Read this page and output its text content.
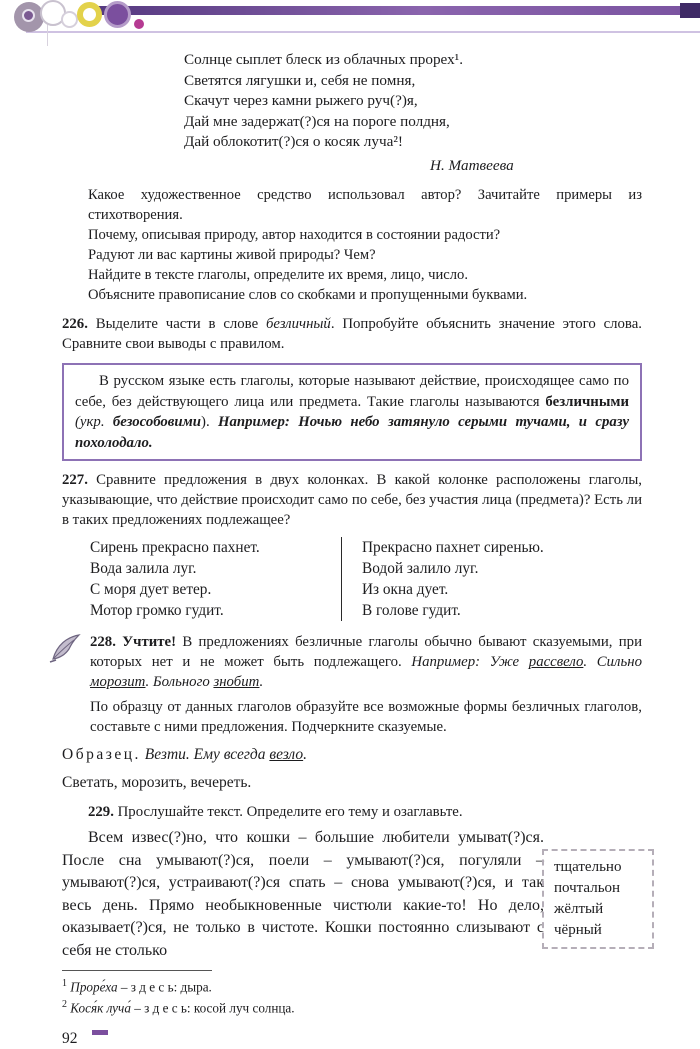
Солнце сыплет блеск из облачных прорех¹.
Светятся лягушки и, себя не помня,
Скачут через камни рыжего руч(?)я,
Дай мне задержат(?)ся на пороге полдня,
Дай облокотит(?)ся о косяк луча²!
Н. Матвеева

Какое художественное средство использовал автор? Зачитайте примеры из стихотворения.

Почему, описывая природу, автор находится в состоянии радости?

Радуют ли вас картины живой природы? Чем?

Найдите в тексте глаголы, определите их время, лицо, число.

Объясните правописание слов со скобками и пропущенными буквами.

226. Выделите части в слове безличный. Попробуйте объяснить значение этого слова. Сравните свои выводы с правилом.

В русском языке есть глаголы, которые называют действие, происходящее само по себе, без действующего лица или предмета. Такие глаголы называются безличными (укр. безособовими). Например: Ночью небо затянуло серыми тучами, и сразу похолодало.

227. Сравните предложения в двух колонках. В какой колонке расположены глаголы, указывающие, что действие происходит само по себе, без участия лица (предмета)? Есть ли в таких предложениях подлежащее?

Сирень прекрасно пахнет.
Вода залила луг.
С моря дует ветер.
Мотор громко гудит.
Прекрасно пахнет сиренью.
Водой залило луг.
Из окна дует.
В голове гудит.

228. Учтите! В предложениях безличные глаголы обычно бывают сказуемыми, при которых нет и не может быть подлежащего. Например: Уже рассвело. Сильно морозит. Больного знобит.

По образцу от данных глаголов образуйте все возможные формы безличных глаголов, составьте с ними предложения. Подчеркните сказуемые.

Образец. Везти. Ему всегда везло.

Светать, морозить, вечереть.

229. Прослушайте текст. Определите его тему и озаглавьте.

Всем извес(?)но, что кошки – большие любители умыват(?)ся. После сна умывают(?)ся, поели – умывают(?)ся, погуляли – умывают(?)ся, устраивают(?)ся спать – снова умывают(?)ся, и так весь день. Прямо необыкновенные чистюли какие-то! Но дело, оказывает(?)ся, не только в чистоте. Кошки постоянно слизывают с себя не столько

тщательно
почтальон
жёлтый
чёрный

$^1$ Проре́ха – з д е с ь: дыра.

$^2$ Кося́к луча́ – з д е с ь: косой луч солнца.

92
